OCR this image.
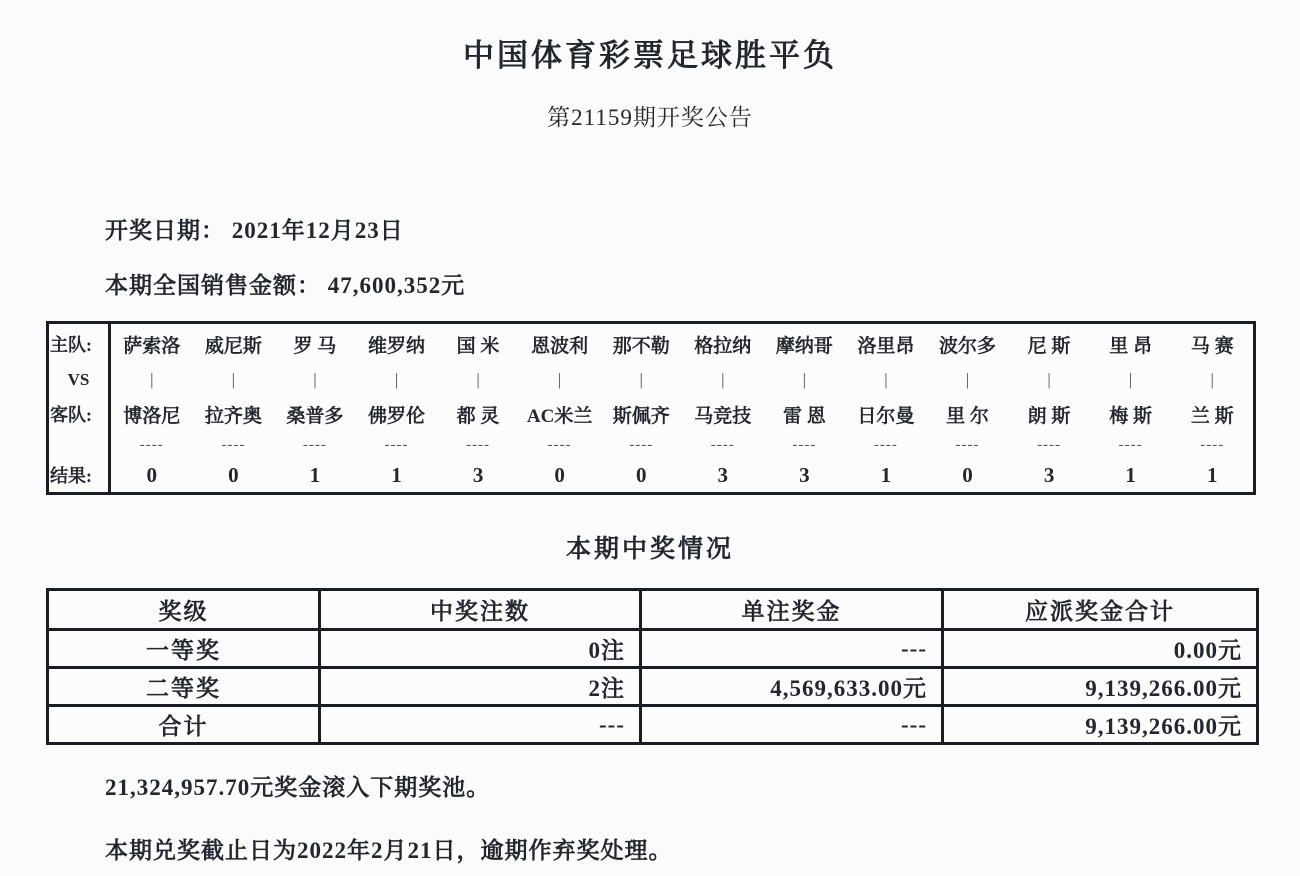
中国体育彩票足球胜平负
第21159期开奖公告
开奖日期： 2021年12月23日
本期全国销售金额： 47,600,352元
主队:	萨索洛	威尼斯	罗 马	维罗纳	国 米	恩波利	那不勒	格拉纳	摩纳哥	洛里昂	波尔多	尼 斯	里 昂	马 赛
VS	|	|	|	|	|	|	|	|	|	|	|	|	|	|
客队:	博洛尼	拉齐奥	桑普多	佛罗伦	都 灵	AC米兰	斯佩齐	马竞技	雷 恩	日尔曼	里 尔	朗 斯	梅 斯	兰 斯
----	----	----	----	----	----	----	----	----	----	----	----	----	----
结果:	0	0	1	1	3	0	0	3	3	1	0	3	1	1
本期中奖情况
奖级	中奖注数	单注奖金	应派奖金合计
一等奖	0注	---	0.00元
二等奖	2注	4,569,633.00元	9,139,266.00元
合计	---	---	9,139,266.00元
21,324,957.70元奖金滚入下期奖池。
本期兑奖截止日为2022年2月21日，逾期作弃奖处理。
